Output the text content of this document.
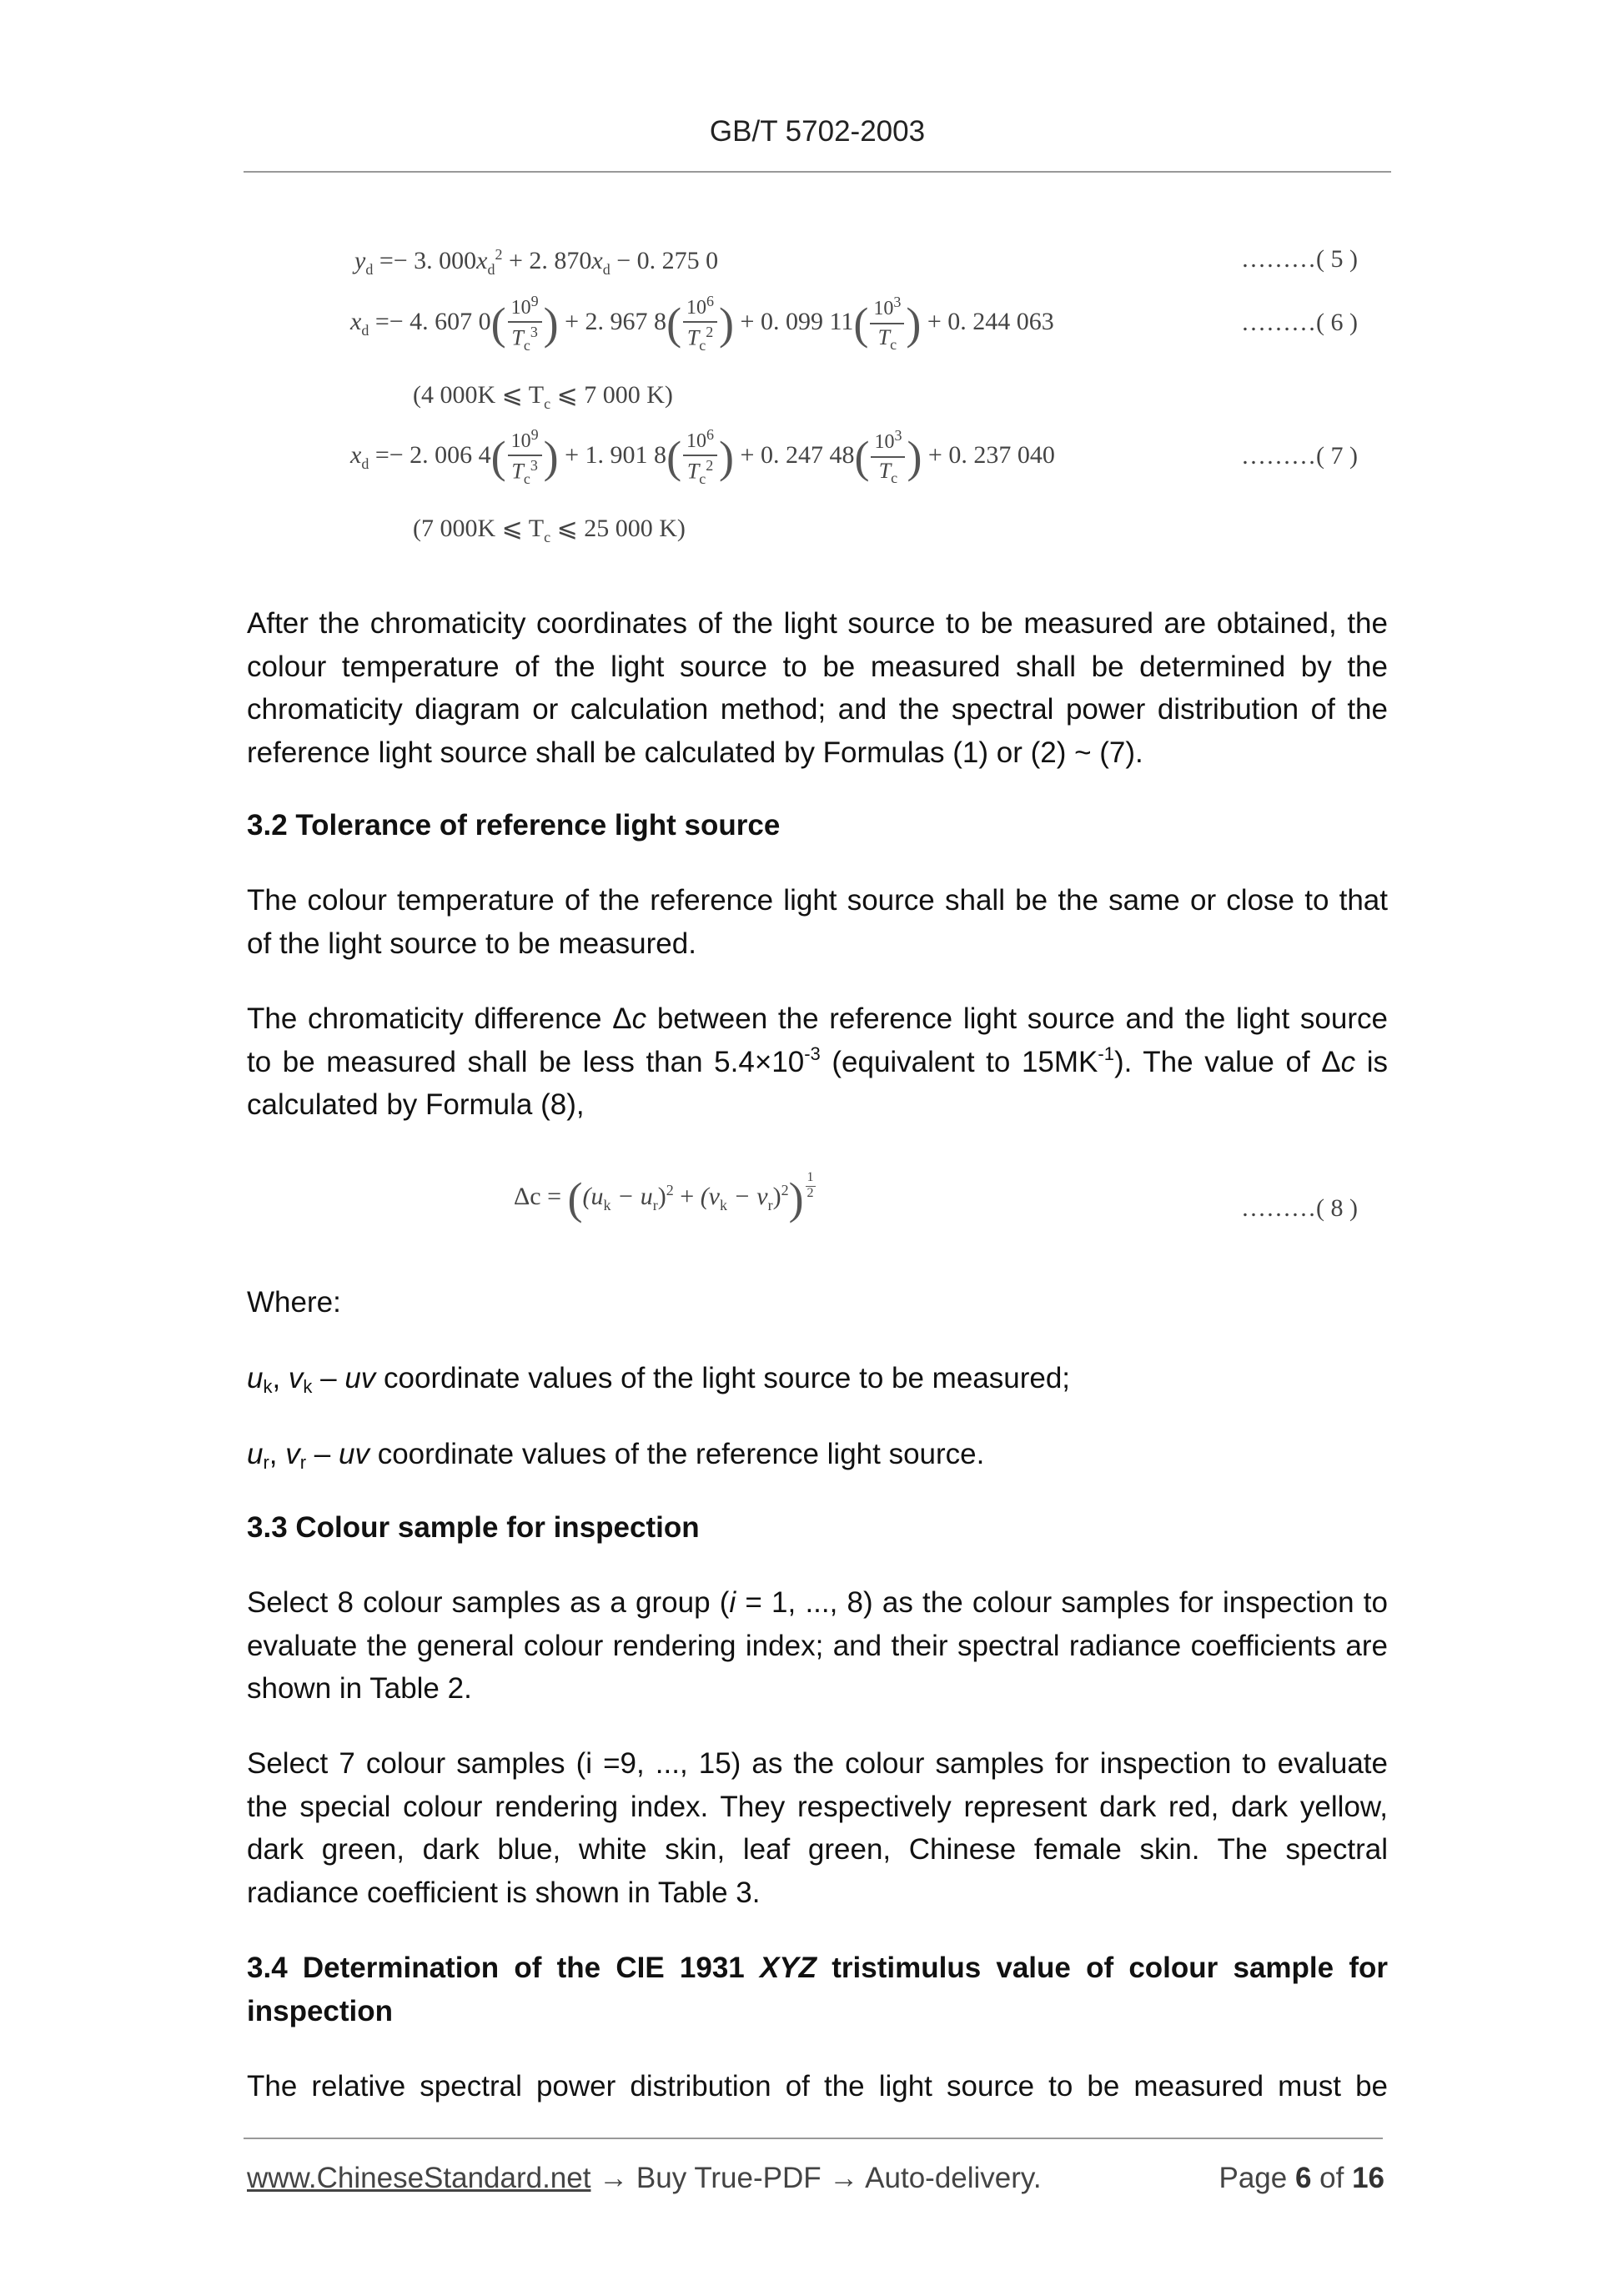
GB/T 5702-2003
$y_d =- 3$. $000x_d^2 + 2$. $870x_d - 0$. 275 0	………( 5 )
$x_d =- 4$. 607 $0( \frac{10^9}{T_c^3}$ ) + 2. 967 $8( \frac{10^6}{T_c^2}$ ) + 0. 099 $11( \frac{10^3}{T_c}$ ) + 0. 244 063	………( 6 )
(4 000K ⩽ $T_c$ ⩽ 7 000 K)
$x_d =- 2$. 006 $4( \frac{10^9}{T_c^3}$ ) + 1. 901 $8( \frac{10^6}{T_c^2}$ ) + 0. 247 $48( \frac{10^3}{T_c}$ ) + 0. 237 040	………( 7 )
(7 000K ⩽ $T_c$ ⩽ 25 000 K)
After the chromaticity coordinates of the light source to be measured are obtained, the colour temperature of the light source to be measured shall be determined by the chromaticity diagram or calculation method; and the spectral power distribution of the reference light source shall be calculated by Formulas (1) or (2) ~ (7).
3.2 Tolerance of reference light source
The colour temperature of the reference light source shall be the same or close to that of the light source to be measured.
The chromaticity difference Δc between the reference light source and the light source to be measured shall be less than $5.4\times 10^{-3}$ (equivalent to $15MK^{-1}$). The value of Δc is calculated by Formula (8),
$\Delta c = ((u_k - u_r)^2 + (v_k - v_r)^2) \frac{1}{2}$
………( 8 )
Where:
$u_k$, $v_k$ – uv coordinate values of the light source to be measured;
$u_r$, $v_r$ – uv coordinate values of the reference light source.
3.3 Colour sample for inspection
Select 8 colour samples as a group (i = 1, ..., 8) as the colour samples for inspection to evaluate the general colour rendering index; and their spectral radiance coefficients are shown in Table 2.
Select 7 colour samples (i =9, ..., 15) as the colour samples for inspection to evaluate the special colour rendering index. They respectively represent dark red, dark yellow, dark green, dark blue, white skin, leaf green, Chinese female skin. The spectral radiance coefficient is shown in Table 3.
3.4 Determination of the CIE 1931 XYZ tristimulus value of colour sample for inspection
The relative spectral power distribution of the light source to be measured must be
www.ChineseStandard.net → Buy True-PDF → Auto-delivery.	Page 6 of 16
